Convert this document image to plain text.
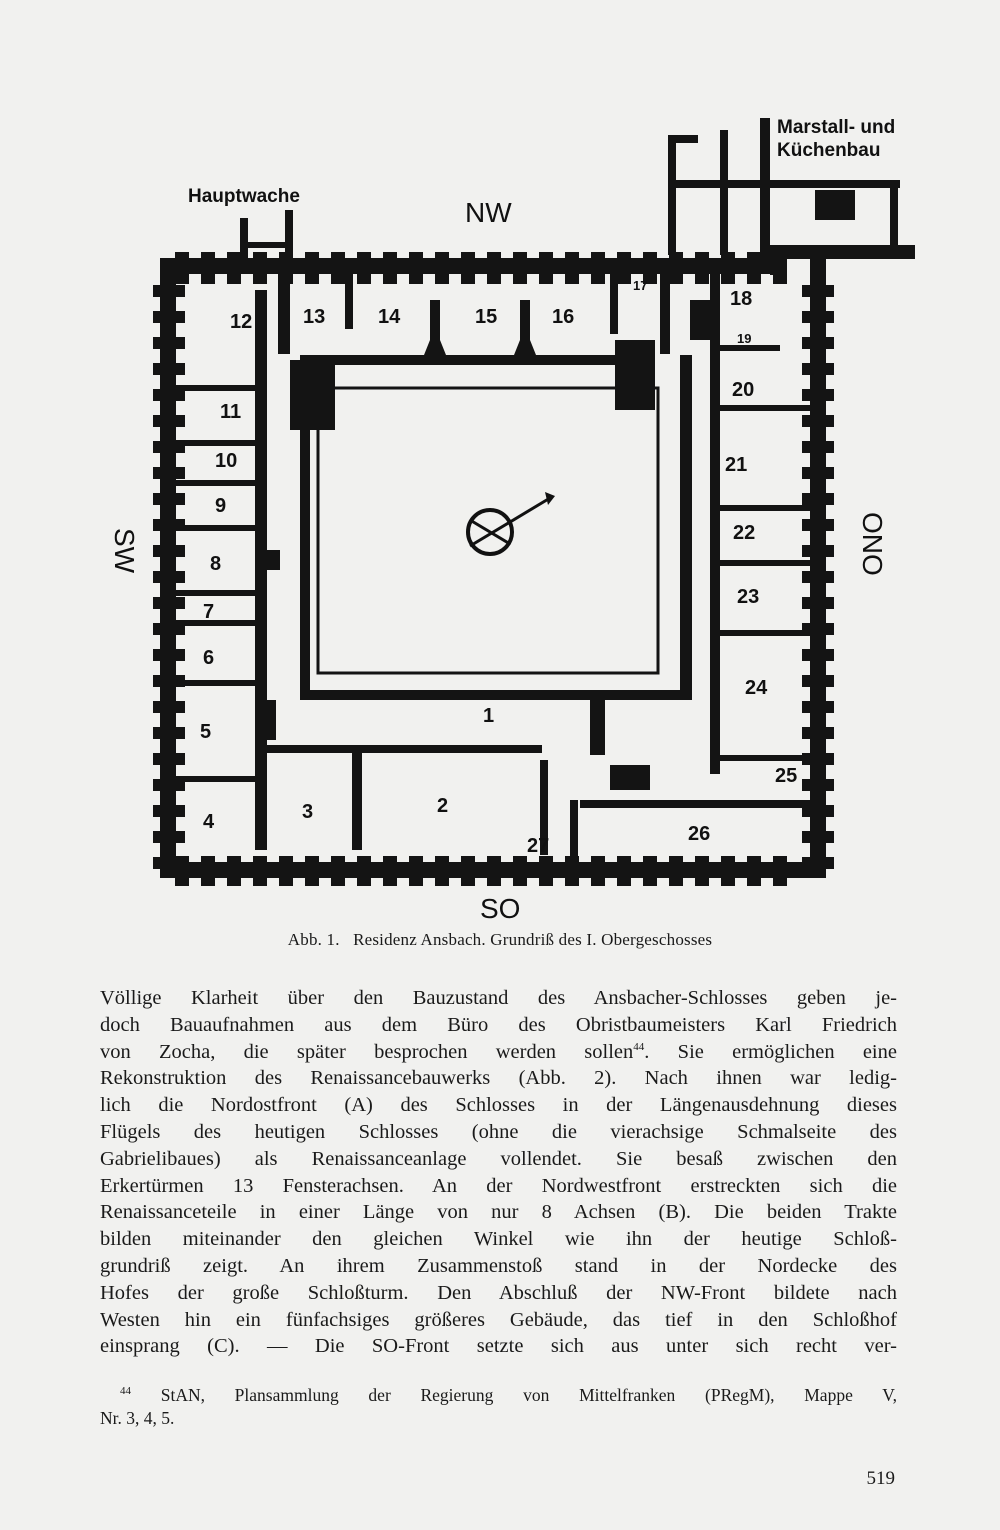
1
2
3
4
5
6
7
8
9
10
11
12	13	14	15	16
17
18
19
20
21
22
23
24
25
26
27
Marstall- und
Küchenbau
Hauptwache
NW
SO
ONO
SW
Abb. 1. Residenz Ansbach. Grundriß des I. Obergeschosses
Völlige Klarheit über den Bauzustand des Ansbacher-Schlosses geben je-
doch Bauaufnahmen aus dem Büro des Obristbaumeisters Karl Friedrich
von Zocha, die später besprochen werden sollen$^{44}$. Sie ermöglichen eine
Rekonstruktion des Renaissancebauwerks (Abb. 2). Nach ihnen war ledig-
lich die Nordostfront (A) des Schlosses in der Längenausdehnung dieses
Flügels des heutigen Schlosses (ohne die vierachsige Schmalseite des
Gabrielibaues) als Renaissanceanlage vollendet. Sie besaß zwischen den
Erkertürmen 13 Fensterachsen. An der Nordwestfront erstreckten sich die
Renaissanceteile in einer Länge von nur 8 Achsen (B). Die beiden Trakte
bilden miteinander den gleichen Winkel wie ihn der heutige Schloß-
grundriß zeigt. An ihrem Zusammenstoß stand in der Nordecke des
Hofes der große Schloßturm. Den Abschluß der NW-Front bildete nach
Westen hin ein fünfachsiges größeres Gebäude, das tief in den Schloßhof
einsprang (C). — Die SO-Front setzte sich aus unter sich recht ver-
$^{44}$ StAN, Plansammlung der Regierung von Mittelfranken (PRegM), Mappe V,
Nr. 3, 4, 5.
519
